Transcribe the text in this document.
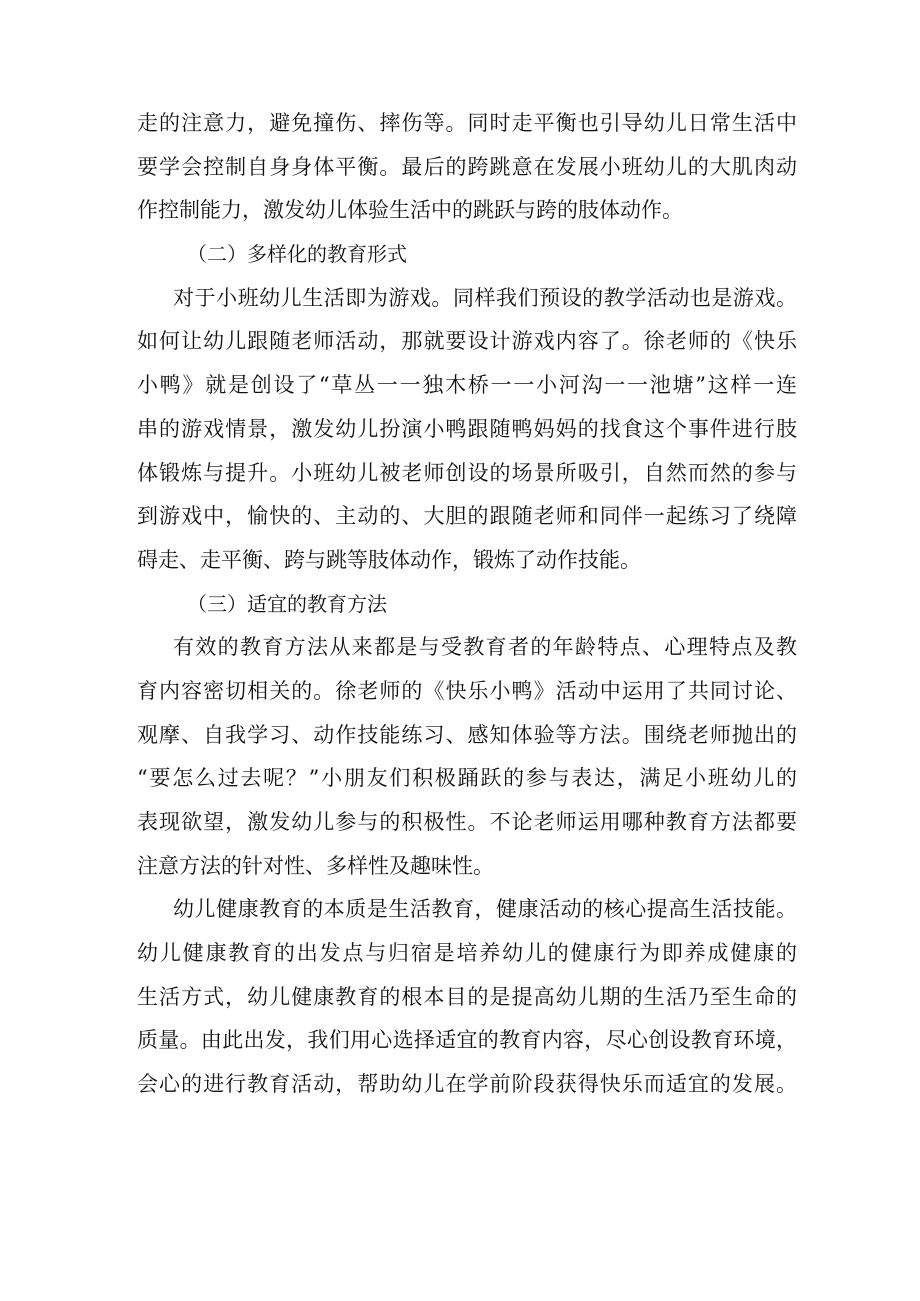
走的注意力，避免撞伤、摔伤等。同时走平衡也引导幼儿日常生活中
要学会控制自身身体平衡。最后的跨跳意在发展小班幼儿的大肌肉动
作控制能力，激发幼儿体验生活中的跳跃与跨的肢体动作。
（二）多样化的教育形式
对于小班幼儿生活即为游戏。同样我们预设的教学活动也是游戏。
如何让幼儿跟随老师活动，那就要设计游戏内容了。徐老师的《快乐
小鸭》就是创设了“草丛一一独木桥一一小河沟一一池塘”这样一连
串的游戏情景，激发幼儿扮演小鸭跟随鸭妈妈的找食这个事件进行肢
体锻炼与提升。小班幼儿被老师创设的场景所吸引，自然而然的参与
到游戏中，愉快的、主动的、大胆的跟随老师和同伴一起练习了绕障
碍走、走平衡、跨与跳等肢体动作，锻炼了动作技能。
（三）适宜的教育方法
有效的教育方法从来都是与受教育者的年龄特点、心理特点及教
育内容密切相关的。徐老师的《快乐小鸭》活动中运用了共同讨论、
观摩、自我学习、动作技能练习、感知体验等方法。围绕老师抛出的
“要怎么过去呢？”小朋友们积极踊跃的参与表达，满足小班幼儿的
表现欲望，激发幼儿参与的积极性。不论老师运用哪种教育方法都要
注意方法的针对性、多样性及趣味性。
幼儿健康教育的本质是生活教育，健康活动的核心提高生活技能。
幼儿健康教育的出发点与归宿是培养幼儿的健康行为即养成健康的
生活方式，幼儿健康教育的根本目的是提高幼儿期的生活乃至生命的
质量。由此出发，我们用心选择适宜的教育内容，尽心创设教育环境，
会心的进行教育活动，帮助幼儿在学前阶段获得快乐而适宜的发展。
